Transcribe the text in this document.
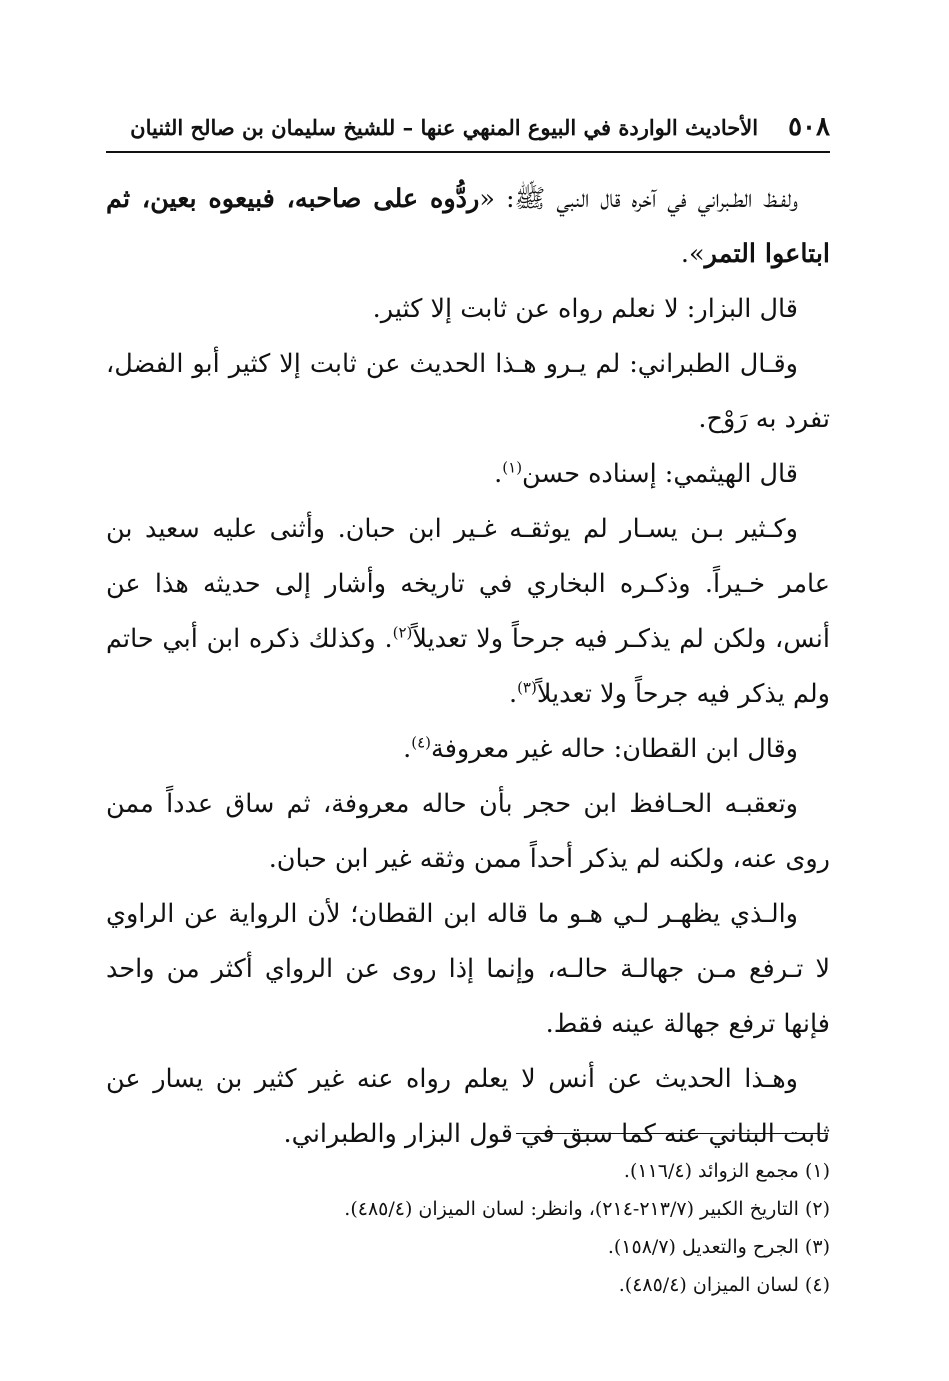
٥٠٨
الأحاديث الواردة في البيوع المنهي عنها – للشيخ سليمان بن صالح الثنيان

ولفـظ الطـبراني في آخره قال النبي ﷺ: «ردُّوه على صاحبه، فبيعوه بعين، ثم ابتاعوا التمر».

قال البزار: لا نعلم رواه عن ثابت إلا كثير.

وقـال الطبراني: لم يـرو هـذا الحديث عن ثابت إلا كثير أبو الفضل، تفرد به رَوْح.

قال الهيثمي: إسناده حسن$^{(١)}$.

وكـثير بـن يسـار لم يوثقـه غـير ابن حبان. وأثنى عليه سعيد بن عامر خـيراً. وذكـره البخاري في تاريخه وأشار إلى حديثه هذا عن أنس، ولكن لم يذكـر فيه جرحاً ولا تعديلاً$^{(٢)}$. وكذلك ذكره ابن أبي حاتم ولم يذكر فيه جرحاً ولا تعديلاً$^{(٣)}$.

وقال ابن القطان: حاله غير معروفة$^{(٤)}$.

وتعقبـه الحـافظ ابن حجر بأن حاله معروفة، ثم ساق عدداً ممن روى عنه، ولكنه لم يذكر أحداً ممن وثقه غير ابن حبان.

والـذي يظهـر لـي هـو ما قاله ابن القطان؛ لأن الرواية عن الراوي لا تـرفع مـن جهالـة حالـه، وإنما إذا روى عن الرواي أكثر من واحد فإنها ترفع جهالة عينه فقط.

وهـذا الحديث عن أنس لا يعلم رواه عنه غير كثير بن يسار عن ثابت البناني عنه كما سبق في قول البزار والطبراني.

(١) مجمع الزوائد (١١٦/٤).
(٢) التاريخ الكبير (٢١٣/٧-٢١٤)، وانظر: لسان الميزان (٤٨٥/٤).
(٣) الجرح والتعديل (١٥٨/٧).
(٤) لسان الميزان (٤٨٥/٤).
